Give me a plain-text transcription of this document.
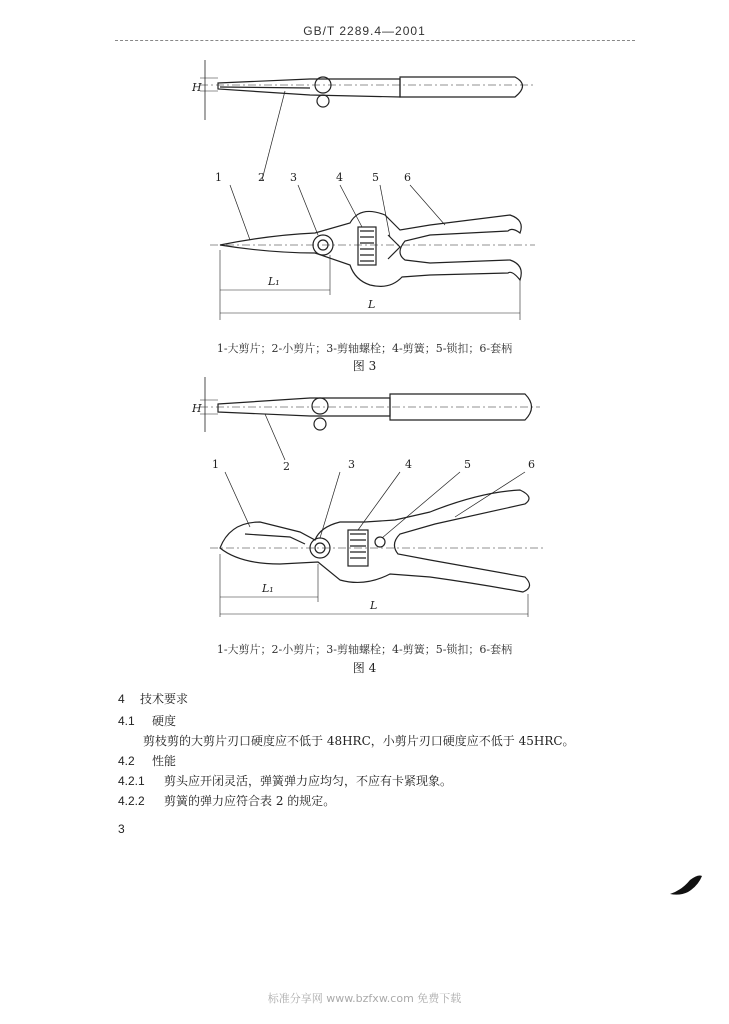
GB/T 2289.4—2001
1	2 3	4	5 6
H
L₁
L
1-大剪片；2-小剪片；3-剪轴螺栓；4-剪簧；5-锁扣；6-套柄
图 3
1	2	3	4	5	6
H
L₁
L
1-大剪片；2-小剪片；3-剪轴螺栓；4-剪簧；5-锁扣；6-套柄
图 4
4 技术要求
4.1 硬度
剪枝剪的大剪片刃口硬度应不低于 48HRC，小剪片刃口硬度应不低于 45HRC。
4.2 性能
4.2.1 剪头应开闭灵活，弹簧弹力应均匀，不应有卡紧现象。
4.2.2 剪簧的弹力应符合表 2 的规定。
3
标准分享网 www.bzfxw.com 免费下载
